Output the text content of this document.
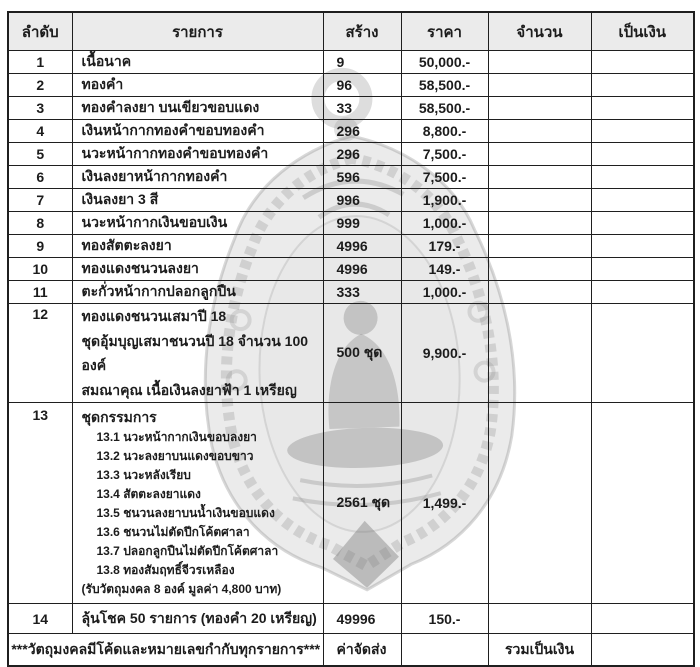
ลำดับ	รายการ	สร้าง	ราคา	จำนวน	เป็นเงิน
1	เนื้อนาค	9	50,000.-		
2	ทองคำ	96	58,500.-		
3	ทองคำลงยา บนเขียวขอบแดง	33	58,500.-		
4	เงินหน้ากากทองคำขอบทองคำ	296	8,800.-		
5	นวะหน้ากากทองคำขอบทองคำ	296	7,500.-		
6	เงินลงยาหน้ากากทองคำ	596	7,500.-		
7	เงินลงยา 3 สี	996	1,900.-		
8	นวะหน้ากากเงินขอบเงิน	999	1,000.-		
9	ทองสัตตะลงยา	4996	179.-		
10	ทองแดงชนวนลงยา	4996	149.-		
11	ตะกั่วหน้ากากปลอกลูกปืน	333	1,000.-		
12	ทองแดงชนวนเสมาปี 18
ชุดอุ้มบุญเสมาชนวนปี 18 จำนวน 100 องค์
สมณาคุณ เนื้อเงินลงยาฟ้า 1 เหรียญ	500 ชุด	9,900.-		
13	ชุดกรรมการ
13.1 นวะหน้ากากเงินขอบลงยา
13.2 นวะลงยาบนแดงขอบขาว
13.3 นวะหลังเรียบ
13.4 สัตตะลงยาแดง
13.5 ชนวนลงยาบนน้ำเงินขอบแดง
13.6 ชนวนไม่ตัดปีกโค้ตศาลา
13.7 ปลอกลูกปืนไม่ตัดปีกโค้ตศาลา
13.8 ทองสัมฤทธิ์จีวรเหลือง
(รับวัตถุมงคล 8 องค์ มูลค่า 4,800 บาท)
	2561 ชุด	1,499.-		
14	ลุ้นโชค 50 รายการ (ทองคำ 20 เหรียญ)	49996	150.-		
***วัตถุมงคลมีโค้ดและหมายเลขกำกับทุกรายการ***		ค่าจัดส่ง		รวมเป็นเงิน	
